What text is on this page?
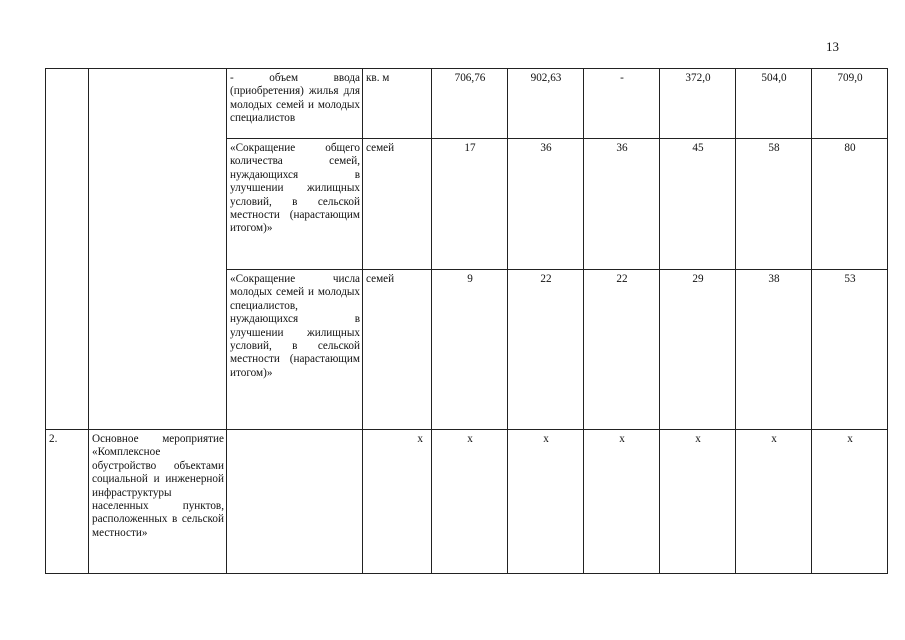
13
		- объем ввода (приобретения) жилья для молодых семей и молодых специалистов	кв. м	706,76	902,63	-	372,0	504,0	709,0
		«Сокращение общего количества семей, нуждающихся в улучшении жилищных условий, в сельской местности (нарастающим итогом)»	семей	17	36	36	45	58	80
		«Сокращение числа молодых семей и молодых специалистов, нуждающихся в улучшении жилищных условий, в сельской местности (нарастающим итогом)»	семей	9	22	22	29	38	53
2.	Основное мероприятие «Комплексное обустройство объектами социальной и инженерной инфраструктуры населенных пунктов, расположенных в сельской местности»		х	х	х	х	х	х	х
